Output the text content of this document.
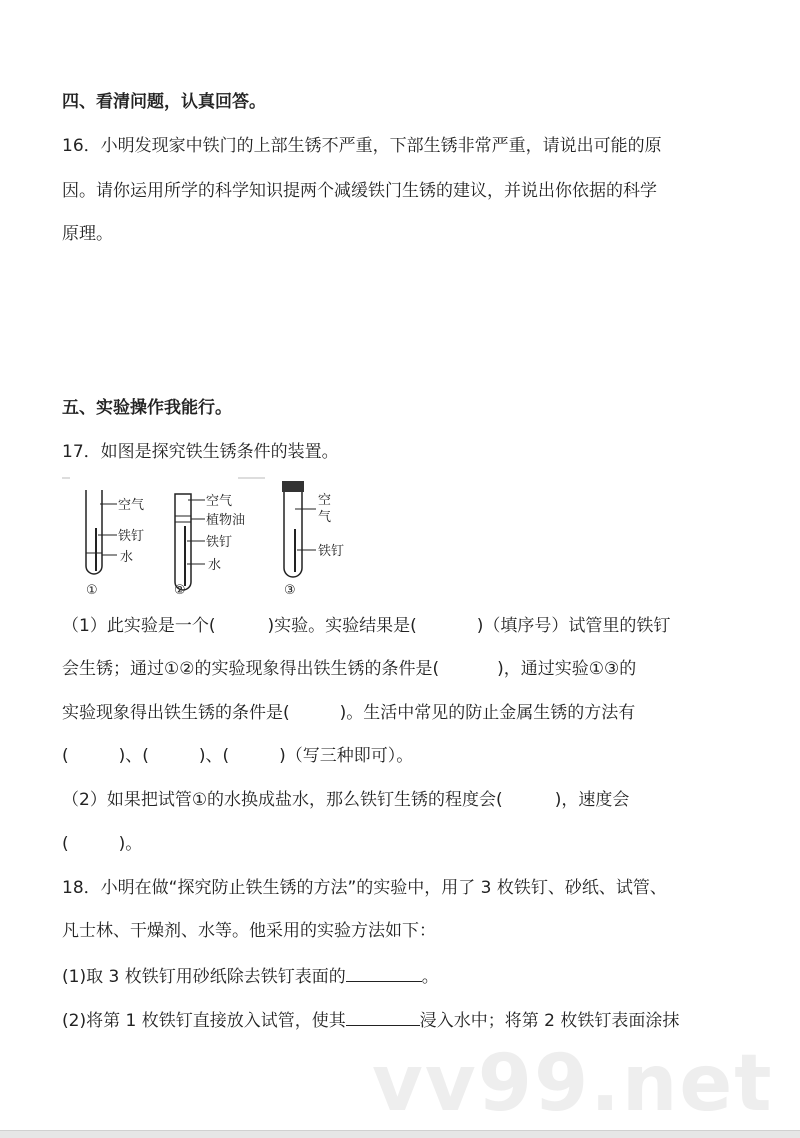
四、看清问题，认真回答。
16．小明发现家中铁门的上部生锈不严重，下部生锈非常严重，请说出可能的原
因。请你运用所学的科学知识提两个减缓铁门生锈的建议，并说出你依据的科学
原理。
五、实验操作我能行。
17．如图是探究铁生锈条件的装置。
空气
铁钉
水
①
空气
植物油
铁钉
水
②
空
气
铁钉
③
（1）此实验是一个(	)实验。实验结果是(	)（填序号）试管里的铁钉
会生锈；通过①②的实验现象得出铁生锈的条件是(	)，通过实验①③的
实验现象得出铁生锈的条件是(	)。生活中常见的防止金属生锈的方法有
(	)、(	)、(	)（写三种即可）。
（2）如果把试管①的水换成盐水，那么铁钉生锈的程度会(	)，速度会
(	)。
18．小明在做“探究防止铁生锈的方法”的实验中，用了 3 枚铁钉、砂纸、试管、
凡士林、干燥剂、水等。他采用的实验方法如下：
(1)取 3 枚铁钉用砂纸除去铁钉表面的	。
(2)将第 1 枚铁钉直接放入试管，使其	浸入水中；将第 2 枚铁钉表面涂抹
vv99.net
